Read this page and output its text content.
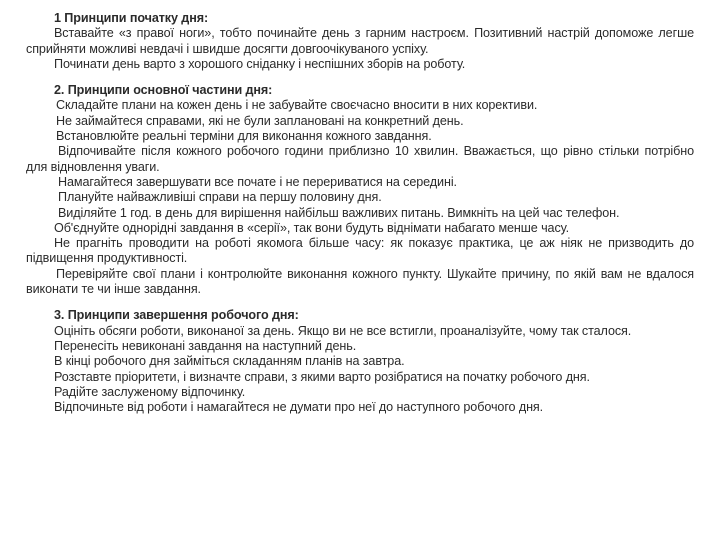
1 Принципи початку дня:

Вставайте «з правої ноги», тобто починайте день з гарним настроєм. Позитивний настрій допоможе легше сприйняти можливі невдачі і швидше досягти довгоочікуваного успіху.

Починати день варто з хорошого сніданку і неспішних зборів на роботу.

2. Принципи основної частини дня:

Складайте плани на кожен день і не забувайте своєчасно вносити в них корективи.

Не займайтеся справами, які не були заплановані на конкретний день.

Встановлюйте реальні терміни для виконання кожного завдання.

Відпочивайте після кожного робочого години приблизно 10 хвилин. Вважається, що рівно стільки потрібно для відновлення уваги.

Намагайтеся завершувати все почате і не перериватися на середині.

Плануйте найважливіші справи на першу половину дня.

Виділяйте 1 год. в день для вирішення найбільш важливих питань. Вимкніть на цей час телефон.

Об'єднуйте однорідні завдання в «серії», так вони будуть віднімати набагато менше часу.

Не прагніть проводити на роботі якомога більше часу: як показує практика, це аж ніяк не призводить до підвищення продуктивності.

Перевіряйте свої плани і контролюйте виконання кожного пункту. Шукайте причину, по якій вам не вдалося виконати те чи інше завдання.

3. Принципи завершення робочого дня:

Оцініть обсяги роботи, виконаної за день. Якщо ви не все встигли, проаналізуйте, чому так сталося.

Перенесіть невиконані завдання на наступний день.

В кінці робочого дня займіться складанням планів на завтра.

Розставте пріоритети, і визначте справи, з якими варто розібратися на початку робочого дня.

Радійте заслуженому відпочинку.

Відпочиньте від роботи і намагайтеся не думати про неї до наступного робочого дня.
